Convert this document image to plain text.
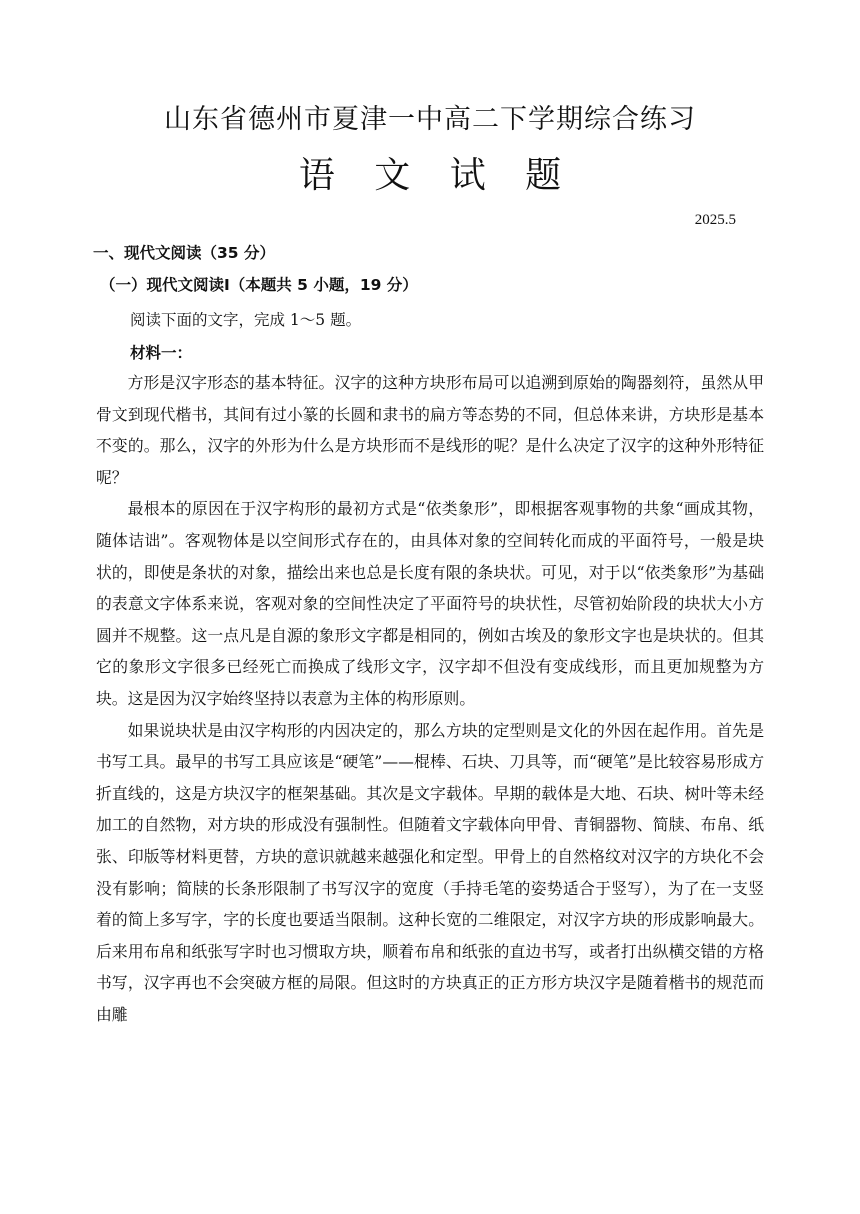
山东省德州市夏津一中高二下学期综合练习
语 文 试 题
2025.5
一、现代文阅读（35 分）
（一）现代文阅读Ⅰ（本题共 5 小题，19 分）
阅读下面的文字，完成 1～5 题。
材料一：

方形是汉字形态的基本特征。汉字的这种方块形布局可以追溯到原始的陶器刻符，虽然从甲骨文到现代楷书，其间有过小篆的长圆和隶书的扁方等态势的不同，但总体来讲，方块形是基本不变的。那么，汉字的外形为什么是方块形而不是线形的呢？是什么决定了汉字的这种外形特征呢？

最根本的原因在于汉字构形的最初方式是“依类象形”，即根据客观事物的共象“画成其物，随体诘诎”。客观物体是以空间形式存在的，由具体对象的空间转化而成的平面符号，一般是块状的，即使是条状的对象，描绘出来也总是长度有限的条块状。可见，对于以“依类象形”为基础的表意文字体系来说，客观对象的空间性决定了平面符号的块状性，尽管初始阶段的块状大小方圆并不规整。这一点凡是自源的象形文字都是相同的，例如古埃及的象形文字也是块状的。但其它的象形文字很多已经死亡而换成了线形文字，汉字却不但没有变成线形，而且更加规整为方块。这是因为汉字始终坚持以表意为主体的构形原则。

如果说块状是由汉字构形的内因决定的，那么方块的定型则是文化的外因在起作用。首先是书写工具。最早的书写工具应该是“硬笔”——棍棒、石块、刀具等，而“硬笔”是比较容易形成方折直线的，这是方块汉字的框架基础。其次是文字载体。早期的载体是大地、石块、树叶等未经加工的自然物，对方块的形成没有强制性。但随着文字载体向甲骨、青铜器物、简牍、布帛、纸张、印版等材料更替，方块的意识就越来越强化和定型。甲骨上的自然格纹对汉字的方块化不会没有影响；简牍的长条形限制了书写汉字的宽度（手持毛笔的姿势适合于竖写），为了在一支竖着的简上多写字，字的长度也要适当限制。这种长宽的二维限定，对汉字方块的形成影响最大。后来用布帛和纸张写字时也习惯取方块，顺着布帛和纸张的直边书写，或者打出纵横交错的方格书写，汉字再也不会突破方框的局限。但这时的方块真正的正方形方块汉字是随着楷书的规范而由雕
